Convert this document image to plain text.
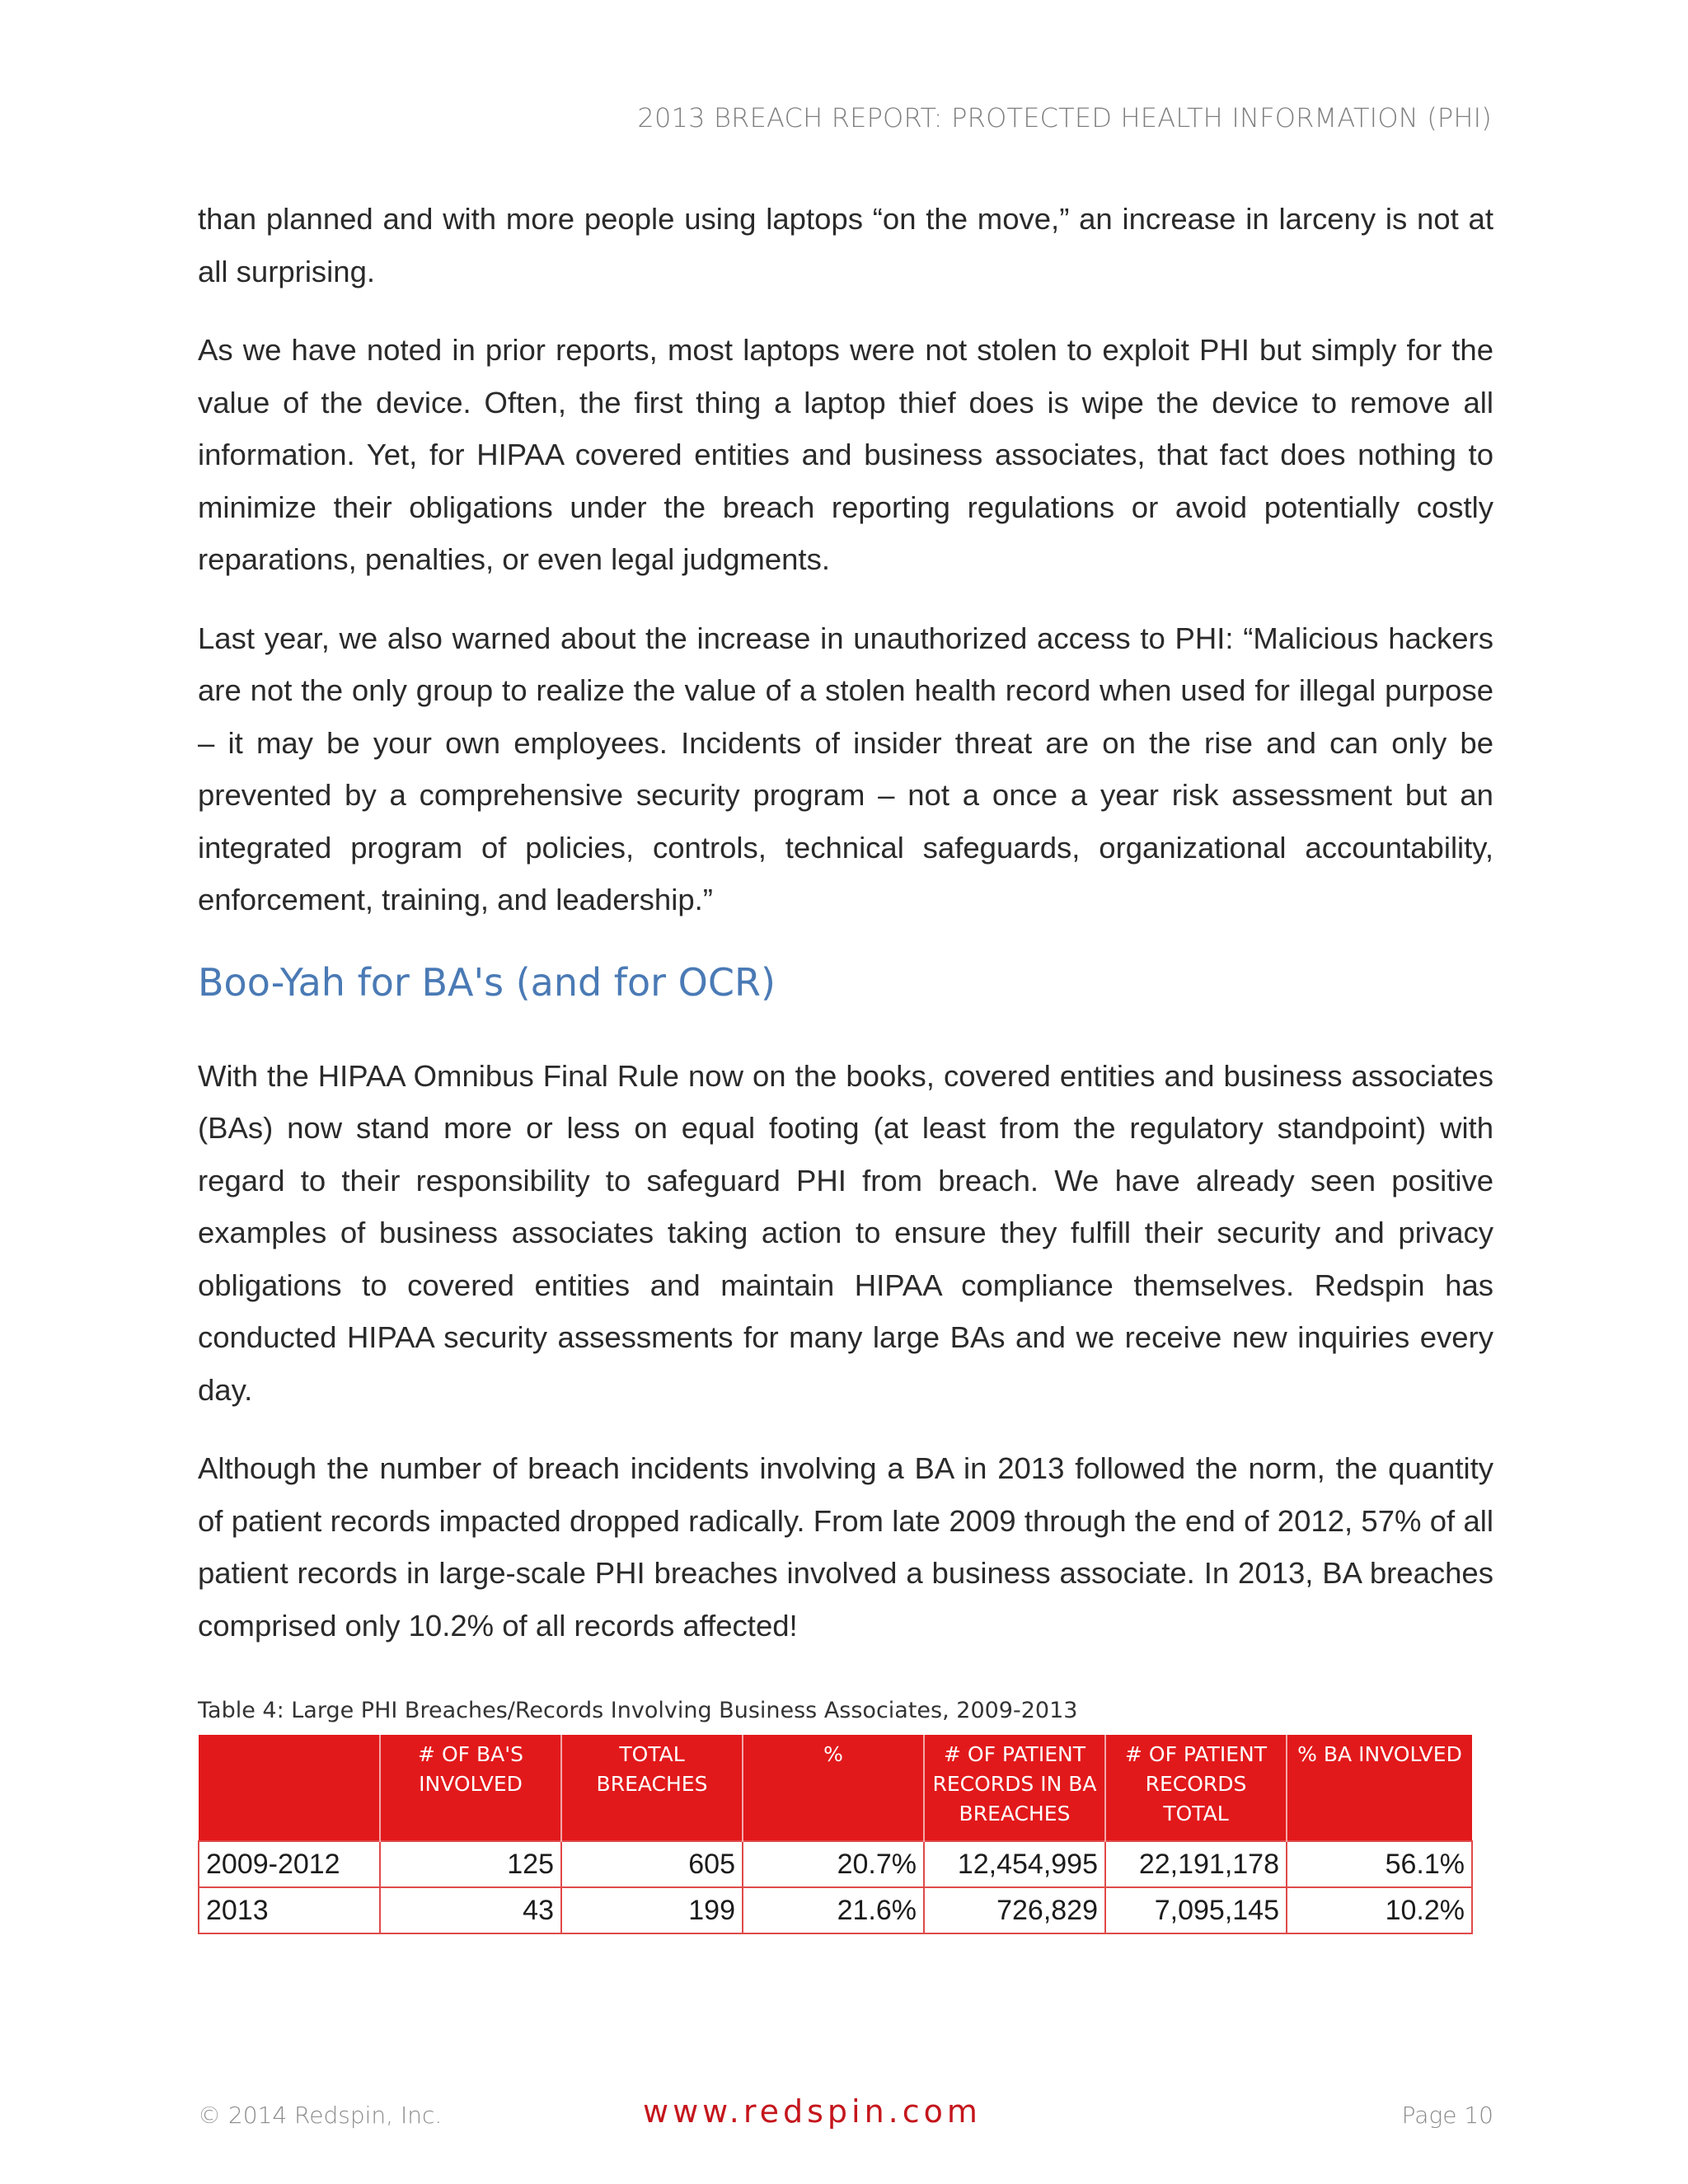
2013 BREACH REPORT: PROTECTED HEALTH INFORMATION (PHI)

than planned and with more people using laptops “on the move,” an increase in larceny is not at all surprising.

As we have noted in prior reports, most laptops were not stolen to exploit PHI but simply for the value of the device. Often, the first thing a laptop thief does is wipe the device to remove all information. Yet, for HIPAA covered entities and business associates, that fact does nothing to minimize their obligations under the breach reporting regulations or avoid potentially costly reparations, penalties, or even legal judgments.

Last year, we also warned about the increase in unauthorized access to PHI: “Malicious hackers are not the only group to realize the value of a stolen health record when used for illegal purpose – it may be your own employees. Incidents of insider threat are on the rise and can only be prevented by a comprehensive security program – not a once a year risk assessment but an integrated program of policies, controls, technical safeguards, organizational accountability, enforcement, training, and leadership.”

Boo-Yah for BA's (and for OCR)

With the HIPAA Omnibus Final Rule now on the books, covered entities and business associates (BAs) now stand more or less on equal footing (at least from the regulatory standpoint) with regard to their responsibility to safeguard PHI from breach. We have already seen positive examples of business associates taking action to ensure they fulfill their security and privacy obligations to covered entities and maintain HIPAA compliance themselves. Redspin has conducted HIPAA security assessments for many large BAs and we receive new inquiries every day.

Although the number of breach incidents involving a BA in 2013 followed the norm, the quantity of patient records impacted dropped radically. From late 2009 through the end of 2012, 57% of all patient records in large-scale PHI breaches involved a business associate. In 2013, BA breaches comprised only 10.2% of all records affected!

Table 4: Large PHI Breaches/Records Involving Business Associates, 2009-2013
	# OF BA'S INVOLVED	TOTAL BREACHES	%	# OF PATIENT RECORDS IN BA BREACHES	# OF PATIENT RECORDS TOTAL	% BA INVOLVED
2009-2012	125	605	20.7%	12,454,995	22,191,178	56.1%
2013	43	199	21.6%	726,829	7,095,145	10.2%
© 2014 Redspin, Inc.	www.redspin.com	Page 10
